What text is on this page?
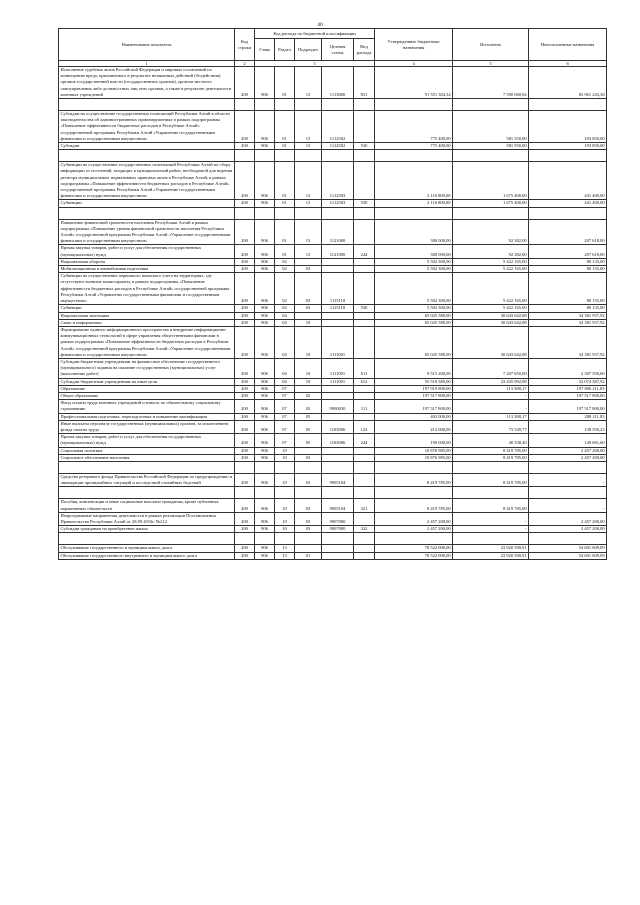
40
Наименование показателя	Код строки	Код расхода по бюджетной классификации					Утвержденные бюджетные назначения	Исполнено	Неисполненные назначения
		Глава	Раздел	Подраздел	Целевая статья	Вид расхода			
1	2	3					4	5	6
Исполнение судебных актов Российской Федерации и мировых соглашений по возмещению вреда, причиненного в результате незаконных действий (бездействия) органов государственной власти (государственных органов), органов местного самоуправления либо должностных лиц этих органов, а также в результате деятельности казенных учреждений	200	906	01	13	1113000	831	91 551 304,32	7 590 060,94	83 961 243,38

Субсидии на осуществление государственных полномочий Республики Алтай в области законодательства об административных правонарушениях в рамках подпрограммы «Повышение эффективности бюджетных расходов в Республике Алтай» государственной программы Республики Алтай «Управление государственными финансами и государственным имуществом»	200	906	01	13	1112502		775 400,00	581 550,00	193 850,00
Субсидии	200	906	01	13	1112502	530	775 400,00	581 550,00	193 850,00

Субвенции на осуществление государственных полномочий Республики Алтай по сбору информации от поселений, входящих в муниципальный район, необходимой для ведения регистра муниципальных нормативных правовых актов в Республике Алтай, в рамках подпрограммы «Повышение эффективности бюджетных расходов в Республике Алтай» государственной программы Республики Алтай «Управление государственными финансами и государственным имуществом»	200	906	01	13	1112503		2 116 800,00	1 675 400,00	441 400,00
Субвенции	200	906	01	13	1112503	530	2 116 800,00	1 675 400,00	441 400,00

Повышение финансовой грамотности населения Республики Алтай в рамках подпрограммы «Повышение уровня финансовой грамотности населения Республики Алтай» государственной программы Республики Алтай «Управление государственными финансами и государственным имуществом»	200	906	01	13	1121000		300 000,00	92 382,00	207 618,00
Прочая закупка товаров, работ и услуг для обеспечения государственных (муниципальных) нужд	200	906	01	13	1121000	244	300 000,00	92 382,00	207 618,00
Национальная оборона	200	906	02				5 502 300,00	5 422 165,00	80 135,00
Мобилизационная и вневойсковая подготовка	200	906	02	03			5 502 300,00	5 422 165,00	80 135,00
Субвенции на осуществление первичного воинского учета на территориях, где отсутствуют военные комиссариаты, в рамках подпрограммы «Повышение эффективности бюджетных расходов в Республике Алтай» государственной программы Республики Алтай «Управление государственными финансами и государственным имуществом»	200	906	02	03	1115118		5 502 300,00	5 422 165,00	80 135,00
Субвенции	200	906	02	03	1115118	530	5 502 300,00	5 422 165,00	80 135,00
Национальная экономика	200	906	04				65 025 580,00	30 643 642,08	34 381 937,92
Связь и информатика	200	906	04	10			65 025 580,00	30 643 642,08	34 381 937,92
Формирование единого информационного пространства и внедрение информационно-коммуникационных технологий в сфере управления общественными финансами в рамках подпрограммы «Повышение эффективности бюджетных расходов в Республике Алтай» государственной программы Республики Алтай «Управление государственными финансами и государственным имуществом»	200	906	04	10	1111001		65 025 580,00	30 643 642,08	34 381 937,92
Субсидии бюджетным учреждениям на финансовое обеспечение государственного (муниципального) задания на оказание государственных (муниципальных) услуг (выполнение работ)	200	906	04	10	1111001	611	9 515 200,00	7 207 650,00	2 307 550,00
Субсидии бюджетным учреждениям на иные цели	200	906	04	10	1111001	612	55 510 380,00	23 435 992,08	32 074 387,92
Образование	200	906	07				197 919 800,00	113 588,17	197 806 211,83
Общее образование	200	906	07	02			197 517 800,00	-	197 517 800,00
Фонд оплаты труда казенных учреждений и взносы по обязательному социальному страхованию	200	906	07	02	9900030	111	197 517 800,00	-	197 517 800,00
Профессиональная подготовка, переподготовка и повышение квалификации	200	906	07	05			402 000,00	113 588,17	288 211,83
Иные выплаты персоналу государственных (муниципальных) органов, за исключением фонда оплаты труда	200	906	07	05	1103006	122	212 000,00	73 549,77	138 550,23
Прочая закупка товаров, работ и услуг для обеспечения государственных (муниципальных) нужд	200	906	07	05	1103006	244	190 000,00	40 338,40	149 661,60
Социальная политика	200	906	10				10 876 985,00	8 419 785,00	2 457 200,00
Социальное обеспечение населения	200	906	10	03			10 876 985,00	8 419 785,00	2 457 200,00

Средства резервного фонда Правительства Российской Федерации по предупреждению и ликвидации чрезвычайных ситуаций и последствий стихийных бедствий	200	906	10	03	9905104		8 419 785,00	8 419 785,00	-

Пособия, компенсации и иные социальные выплаты гражданам, кроме публичных нормативных обязательств	200	906	10	03	9905104	321	8 419 785,00	8 419 785,00	-
Непрограммные направления деятельности в рамках реализации Постановления Правительства Республики Алтай от 28.09.2010г. №212	200	906	10	03	9907000		2 457 200,00	-	2 457 200,00
Субсидии гражданам на приобретение жилья	200	906	10	03	9907000	322	2 457 200,00	-	2 457 200,00

Обслуживание государственного и муниципального долга	200	906	13				78 522 000,00	23 920 390,91	54 601 609,09
Обслуживание государственного внутреннего и муниципального долга	200	906	13	01			78 522 000,00	23 920 390,91	54 601 609,09
